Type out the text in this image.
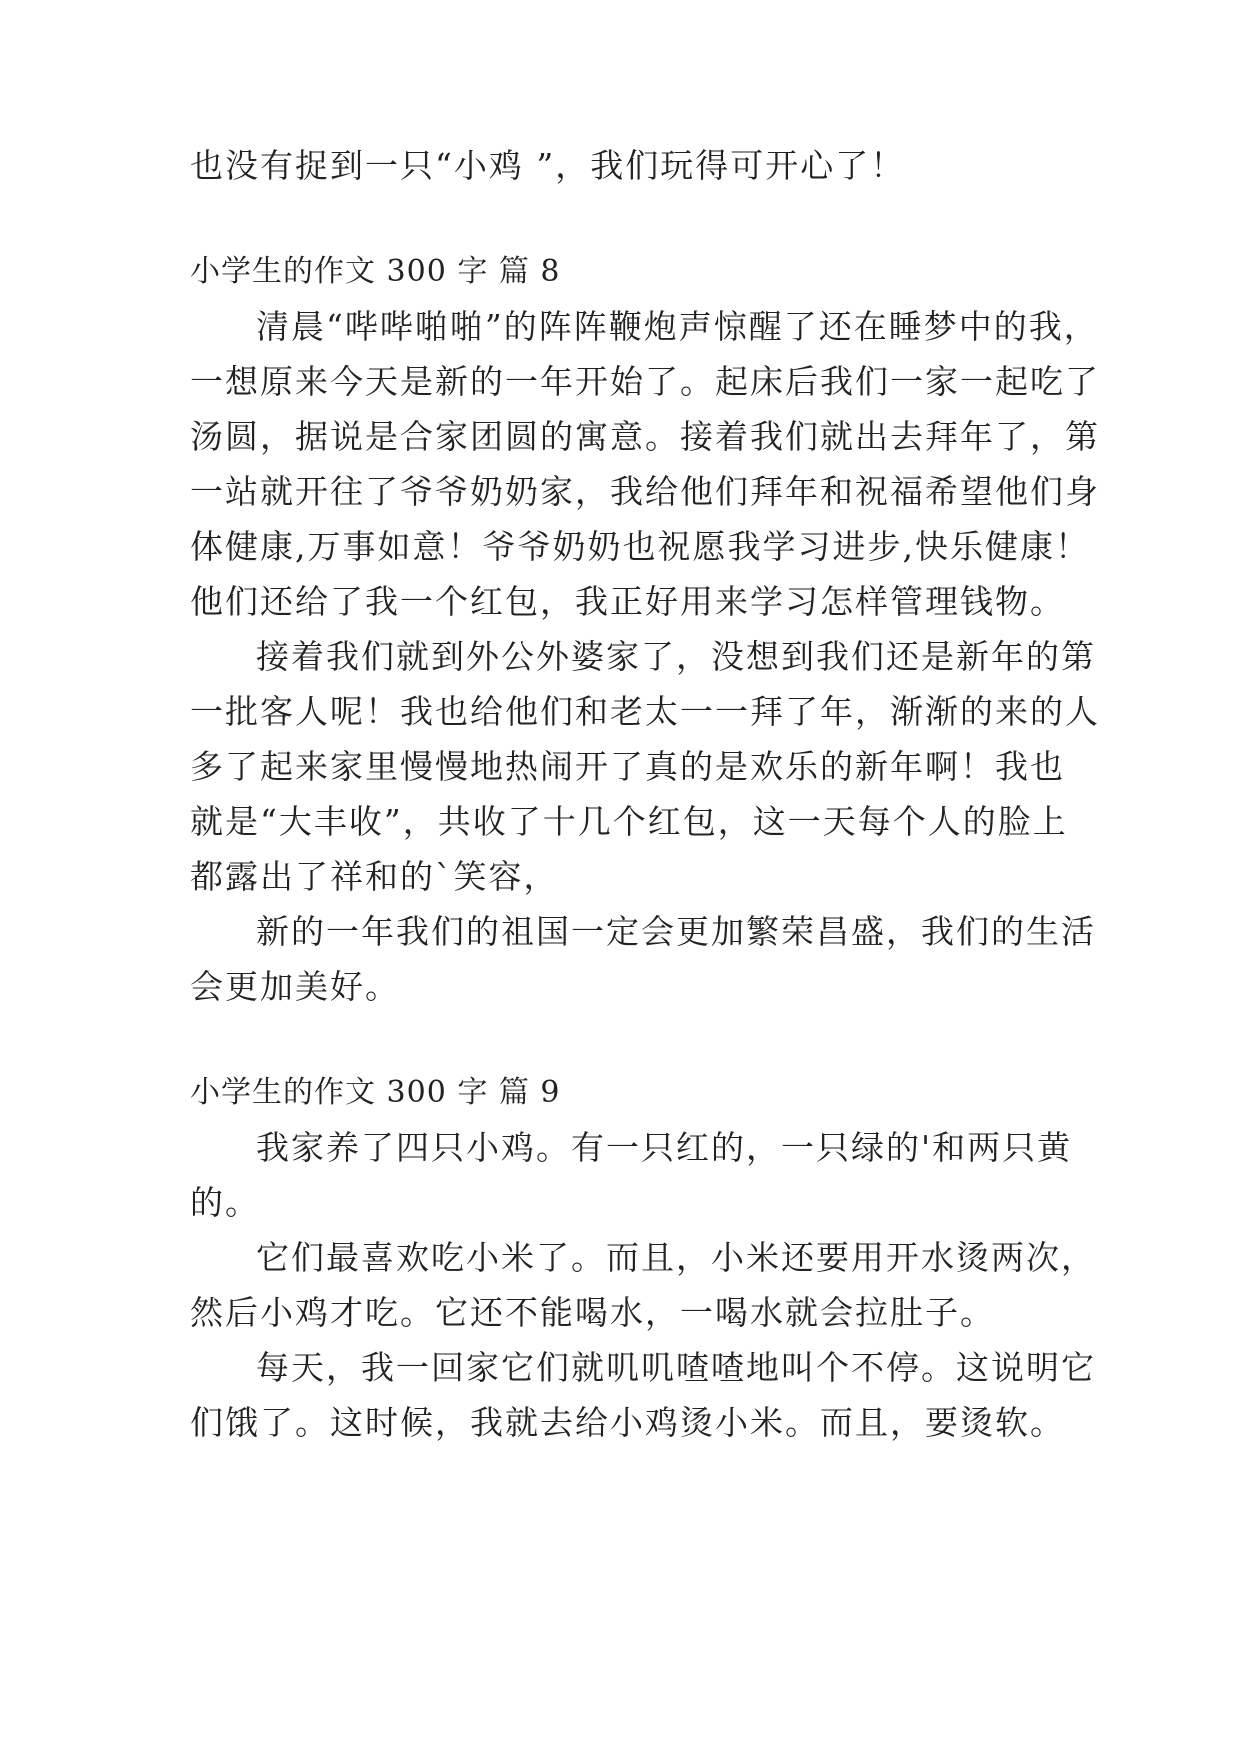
也没有捉到一只“小鸡 ”，我们玩得可开心了！
小学生的作文 300 字 篇 8
清晨“哔哔啪啪”的阵阵鞭炮声惊醒了还在睡梦中的我，
一想原来今天是新的一年开始了。起床后我们一家一起吃了
汤圆，据说是合家团圆的寓意。接着我们就出去拜年了，第
一站就开往了爷爷奶奶家，我给他们拜年和祝福希望他们身
体健康,万事如意！爷爷奶奶也祝愿我学习进步,快乐健康！
他们还给了我一个红包，我正好用来学习怎样管理钱物。
接着我们就到外公外婆家了，没想到我们还是新年的第
一批客人呢！我也给他们和老太一一拜了年，渐渐的来的人
多了起来家里慢慢地热闹开了真的是欢乐的新年啊！我也
就是“大丰收”，共收了十几个红包，这一天每个人的脸上
都露出了祥和的`笑容，
新的一年我们的祖国一定会更加繁荣昌盛，我们的生活
会更加美好。
小学生的作文 300 字 篇 9
我家养了四只小鸡。有一只红的，一只绿的'和两只黄
的。
它们最喜欢吃小米了。而且，小米还要用开水烫两次，
然后小鸡才吃。它还不能喝水，一喝水就会拉肚子。
每天，我一回家它们就叽叽喳喳地叫个不停。这说明它
们饿了。这时候，我就去给小鸡烫小米。而且，要烫软。
